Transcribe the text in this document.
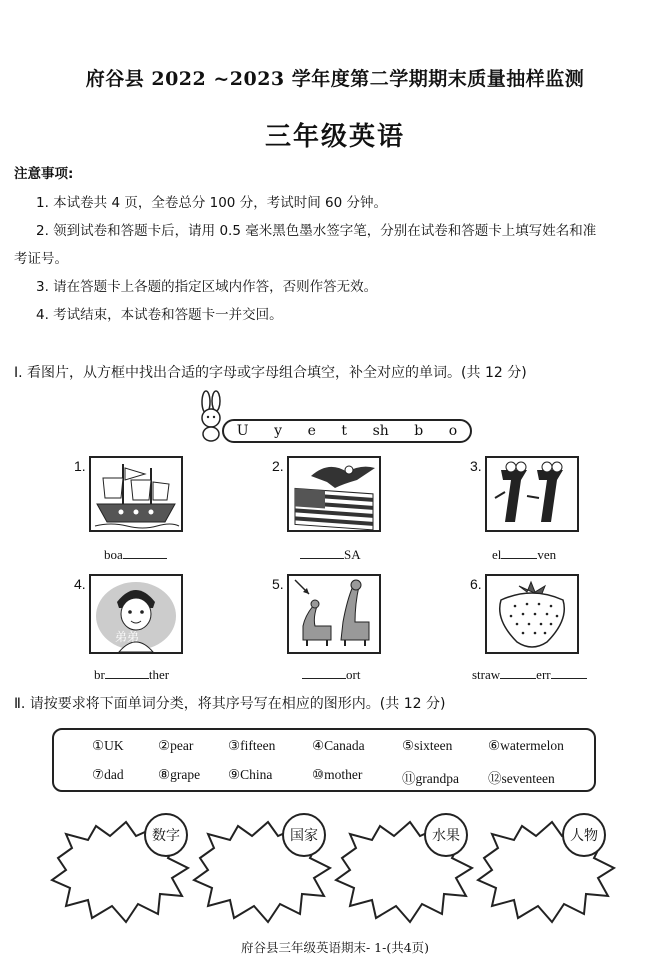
府谷县 2022 ~2023 学年度第二学期期末质量抽样监测
三年级英语
注意事项:
1. 本试卷共 4 页，全卷总分 100 分，考试时间 60 分钟。
2. 领到试卷和答题卡后，请用 0.5 毫米黑色墨水签字笔，分别在试卷和答题卡上填写姓名和准
考证号。
3. 请在答题卡上各题的指定区域内作答，否则作答无效。
4. 考试结束，本试卷和答题卡一并交回。
Ⅰ. 看图片，从方框中找出合适的字母或字母组合填空，补全对应的单词。(共 12 分)
U y e t sh b o
1.
boa
2.
SA
3.
el	ven
4.
弟弟
br	ther
5.
ort
6.
straw	err
Ⅱ. 请按要求将下面单词分类，将其序号写在相应的图形内。(共 12 分)
①UK	②pear	③fifteen	④Canada	⑤sixteen	⑥watermelon
⑦dad	⑧grape ⑨China	⑩mother	⑪grandpa ⑫seventeen
数字	国家	水果	人物
府谷县三年级英语期末- 1-(共4页)
